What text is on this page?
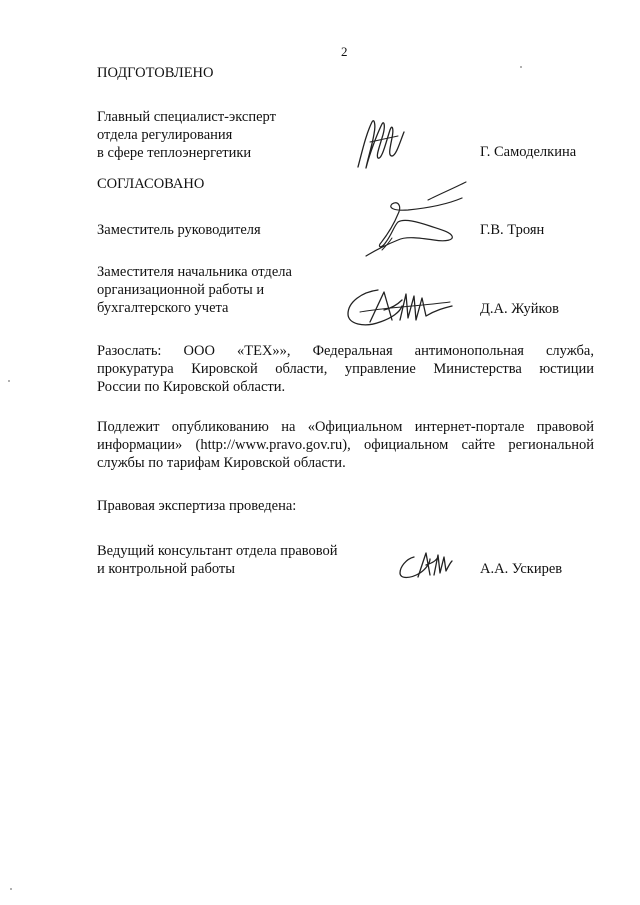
2
ПОДГОТОВЛЕНО
Главный специалист-эксперт
отдела регулирования
в сфере теплоэнергетики	Г. Самоделкина
СОГЛАСОВАНО
Заместитель руководителя	Г.В. Троян
Заместителя начальника отдела
организационной работы и
бухгалтерского учета	Д.А. Жуйков
Разослать: ООО «ТЕХ»», Федеральная антимонопольная служба,
прокуратура Кировской области, управление Министерства юстиции
России по Кировской области.
Подлежит опубликованию на «Официальном интернет-портале правовой
информации» (http://www.pravo.gov.ru), официальном сайте региональной
службы по тарифам Кировской области.
Правовая экспертиза проведена:
Ведущий консультант отдела правовой
и контрольной работы	А.А. Ускирев
